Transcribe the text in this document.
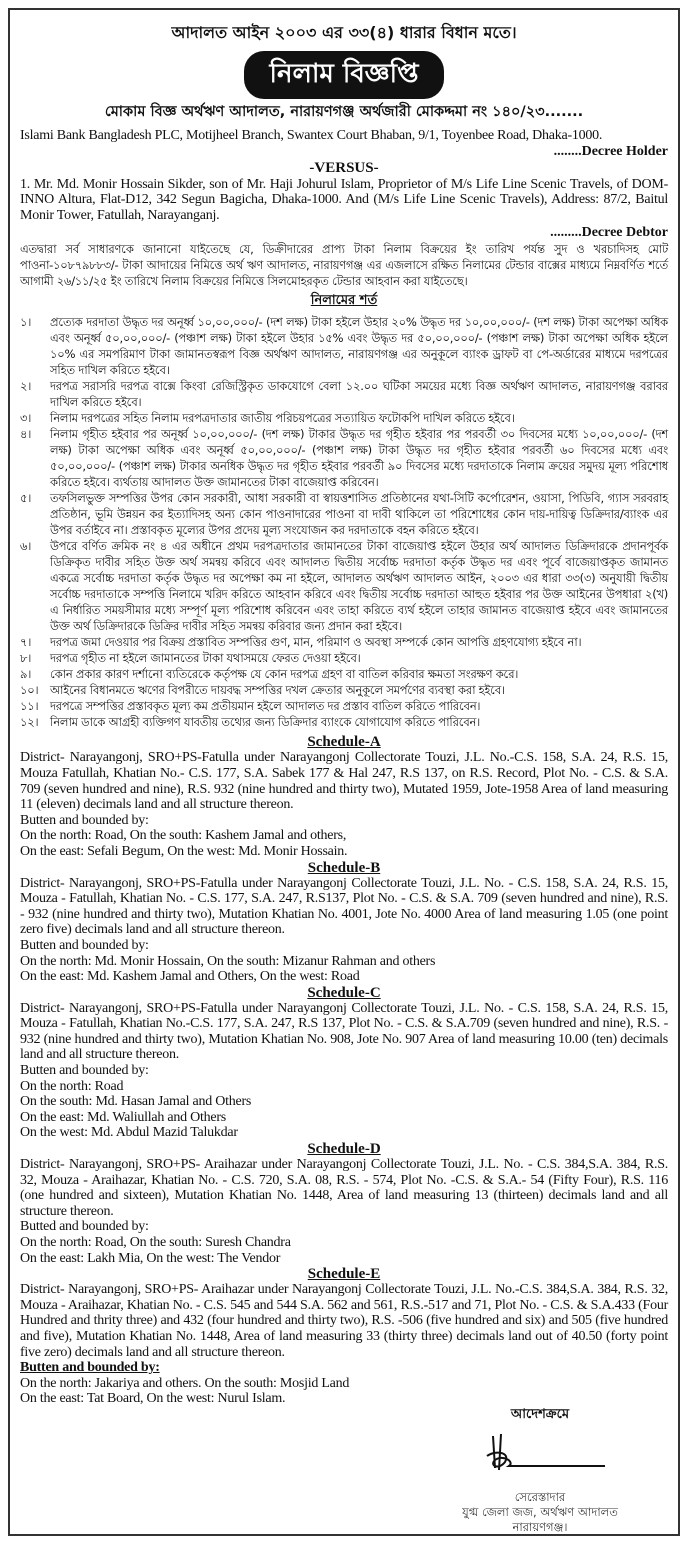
আদালত আইন ২০০৩ এর ৩৩(৪) ধারার বিধান মতে।
নিলাম বিজ্ঞপ্তি
মোকাম বিজ্ঞ অর্থঋণ আদালত, নারায়ণগঞ্জ অর্থজারী মোকদ্দমা নং ১৪০/২৩.......
Islami Bank Bangladesh PLC, Motijheel Branch, Swantex Court Bhaban, 9/1, Toyenbee Road, Dhaka-1000.
........Decree Holder
-VERSUS-
1. Mr. Md. Monir Hossain Sikder, son of Mr. Haji Johurul Islam, Proprietor of M/s Life Line Scenic Travels, of DOM-INNO Altura, Flat-D12, 342 Segun Bagicha, Dhaka-1000. And (M/s Life Line Scenic Travels), Address: 87/2, Baitul Monir Tower, Fatullah, Narayanganj.
.........Decree Debtor
এতদ্বারা সর্ব সাধারণকে জানানো যাইতেছে যে, ডিক্রীদারের প্রাপ্য টাকা নিলাম বিক্রয়ের ইং তারিখ পর্যন্ত সুদ ও খরচাদিসহ মোট পাওনা-১০৮৭৯৮৮৩/- টাকা আদায়ের নিমিত্তে অর্থ ঋণ আদালত, নারায়ণগঞ্জ এর এজলাসে রক্ষিত নিলামের টেন্ডার বাক্সের মাধ্যমে নিম্নবর্ণিত শর্তে আগামী ২৬/১১/২৫ ইং তারিখে নিলাম বিক্রয়ের নিমিত্তে সিলমোহরকৃত টেন্ডার আহবান করা যাইতেছে।
নিলামের শর্ত
১।	প্রত্যেক দরদাতা উদ্ধৃত দর অনূর্ধ্ব ১০,০০,০০০/- (দশ লক্ষ) টাকা হইলে উহার ২০% উদ্ধৃত দর ১০,০০,০০০/- (দশ লক্ষ) টাকা অপেক্ষা অধিক এবং অনূর্ধ্ব ৫০,০০,০০০/- (পঞ্চাশ লক্ষ) টাকা হইলে উহার ১৫% এবং উদ্ধৃত দর ৫০,০০,০০০/- (পঞ্চাশ লক্ষ) টাকা অপেক্ষা অধিক হইলে ১০% এর সমপরিমাণ টাকা জামানতস্বরূপ বিজ্ঞ অর্থঋণ আদালত, নারায়ণগঞ্জ এর অনুকূলে ব্যাংক ড্রাফট বা পে-অর্ডারের মাধ্যমে দরপত্রের সহিত দাখিল করিতে হইবে।
২।	দরপত্র সরাসরি দরপত্র বাক্সে কিংবা রেজিস্ট্রিকৃত ডাকযোগে বেলা ১২.০০ ঘটিকা সময়ের মধ্যে বিজ্ঞ অর্থঋণ আদালত, নারায়ণগঞ্জ বরাবর দাখিল করিতে হইবে।
৩।	নিলাম দরপত্রের সহিত নিলাম দরপত্রদাতার জাতীয় পরিচয়পত্রের সত্যায়িত ফটোকপি দাখিল করিতে হইবে।
৪।	নিলাম গৃহীত হইবার পর অনূর্ধ্ব ১০,০০,০০০/- (দশ লক্ষ) টাকার উদ্ধৃত দর গৃহীত হইবার পর পরবর্তী ৩০ দিবসের মধ্যে ১০,০০,০০০/- (দশ লক্ষ) টাকা অপেক্ষা অধিক এবং অনূর্ধ্ব ৫০,০০,০০০/- (পঞ্চাশ লক্ষ) টাকা উদ্ধৃত দর গৃহীত হইবার পরবর্তী ৬০ দিবসের মধ্যে এবং ৫০,০০,০০০/- (পঞ্চাশ লক্ষ) টাকার অনধিক উদ্ধৃত দর গৃহীত হইবার পরবর্তী ৯০ দিবসের মধ্যে দরদাতাকে নিলাম ক্রয়ের সমুদয় মূল্য পরিশোধ করিতে হইবে। ব্যর্থতায় আদালত উক্ত জামানতের টাকা বাজেয়াপ্ত করিবেন।
৫।	তফসিলভুক্ত সম্পত্তির উপর কোন সরকারী, আধা সরকারী বা স্বায়ত্তশাসিত প্রতিষ্ঠানের যথা-সিটি কর্পোরেশন, ওয়াসা, পিডিবি, গ্যাস সরবরাহ প্রতিষ্ঠান, ভূমি উন্নয়ন কর ইত্যাদিসহ অন্য কোন পাওনাদারের পাওনা বা দাবী থাকিলে তা পরিশোধের কোন দায়-দায়িত্ব ডিক্রিদার/ব্যাংক এর উপর বর্তাইবে না। প্রস্তাবকৃত মূল্যের উপর প্রদেয় মূল্য সংযোজন কর দরদাতাকে বহন করিতে হইবে।
৬।	উপরে বর্ণিত ক্রমিক নং ৪ এর অধীনে প্রথম দরপত্রদাতার জামানতের টাকা বাজেয়াপ্ত হইলে উহার অর্থ আদালত ডিক্রিদারকে প্রদানপূর্বক ডিক্রিকৃত দাবীর সহিত উক্ত অর্থ সমন্বয় করিবে এবং আদালত দ্বিতীয় সর্বোচ্চ দরদাতা কর্তৃক উদ্ধৃত দর এবং পূর্বে বাজেয়াপ্তকৃত জামানত একত্রে সর্বোচ্চ দরদাতা কর্তৃক উদ্ধৃত দর অপেক্ষা কম না হইলে, আদালত অর্থঋণ আদালত আইন, ২০০৩ এর ধারা ৩৩(৩) অনুযায়ী দ্বিতীয় সর্বোচ্চ দরদাতাকে সম্পত্তি নিলামে খরিদ করিতে আহবান করিবে এবং দ্বিতীয় সর্বোচ্চ দরদাতা আহুত হইবার পর উক্ত আইনের উপধারা ২(খ) এ নির্ধারিত সময়সীমার মধ্যে সম্পূর্ণ মূল্য পরিশোধ করিবেন এবং তাহা করিতে ব্যর্থ হইলে তাহার জামানত বাজেয়াপ্ত হইবে এবং জামানতের উক্ত অর্থ ডিক্রিদারকে ডিক্রির দাবীর সহিত সমন্বয় করিবার জন্য প্রদান করা হইবে।
৭।	দরপত্র জমা দেওয়ার পর বিক্রয় প্রস্তাবিত সম্পত্তির গুণ, মান, পরিমাণ ও অবস্থা সম্পর্কে কোন আপত্তি গ্রহণযোগ্য হইবে না।
৮।	দরপত্র গৃহীত না হইলে জামানতের টাকা যথাসময়ে ফেরত দেওয়া হইবে।
৯।	কোন প্রকার কারণ দর্শানো ব্যতিরেকে কর্তৃপক্ষ যে কোন দরপত্র গ্রহণ বা বাতিল করিবার ক্ষমতা সংরক্ষণ করে।
১০।	আইনের বিধানমতে ঋণের বিপরীতে দায়বদ্ধ সম্পত্তির দখল ক্রেতার অনুকূলে সমর্পণের ব্যবস্থা করা হইবে।
১১।	দরপত্রে সম্পত্তির প্রস্তাবকৃত মূল্য কম প্রতীয়মান হইলে আদালত দর প্রস্তাব বাতিল করিতে পারিবেন।
১২।	নিলাম ডাকে আগ্রহী ব্যক্তিগণ যাবতীয় তথ্যের জন্য ডিক্রিদার ব্যাংকে যোগাযোগ করিতে পারিবেন।
Schedule-A
District- Narayangonj, SRO+PS-Fatulla under Narayangonj Collectorate Touzi, J.L. No.-C.S. 158, S.A. 24, R.S. 15, Mouza Fatullah, Khatian No.- C.S. 177, S.A. Sabek 177 & Hal 247, R.S 137, on R.S. Record, Plot No. - C.S. & S.A. 709 (seven hundred and nine), R.S. 932 (nine hundred and thirty two), Mutated 1959, Jote-1958 Area of land measuring 11 (eleven) decimals land and all structure thereon.
Butten and bounded by:
On the north: Road, On the south: Kashem Jamal and others,
On the east: Sefali Begum, On the west: Md. Monir Hossain.
Schedule-B
District- Narayangonj, SRO+PS-Fatulla under Narayangonj Collectorate Touzi, J.L. No. - C.S. 158, S.A. 24, R.S. 15, Mouza - Fatullah, Khatian No. - C.S. 177, S.A. 247, R.S137, Plot No. - C.S. & S.A. 709 (seven hundred and nine), R.S. - 932 (nine hundred and thirty two), Mutation Khatian No. 4001, Jote No. 4000 Area of land measuring 1.05 (one point zero five) decimals land and all structure thereon.
Butten and bounded by:
On the north: Md. Monir Hossain, On the south: Mizanur Rahman and others
On the east: Md. Kashem Jamal and Others, On the west: Road
Schedule-C
District- Narayangonj, SRO+PS-Fatulla under Narayangonj Collectorate Touzi, J.L. No. - C.S. 158, S.A. 24, R.S. 15, Mouza - Fatullah, Khatian No.-C.S. 177, S.A. 247, R.S 137, Plot No. - C.S. & S.A.709 (seven hundred and nine), R.S. - 932 (nine hundred and thirty two), Mutation Khatian No. 908, Jote No. 907 Area of land measuring 10.00 (ten) decimals land and all structure thereon.
Butten and bounded by:
On the north: Road
On the south: Md. Hasan Jamal and Others
On the east: Md. Waliullah and Others
On the west: Md. Abdul Mazid Talukdar
Schedule-D
District- Narayangonj, SRO+PS- Araihazar under Narayangonj Collectorate Touzi, J.L. No. - C.S. 384,S.A. 384, R.S. 32, Mouza - Araihazar, Khatian No. - C.S. 720, S.A. 08, R.S. - 574, Plot No. -C.S. & S.A.- 54 (Fifty Four), R.S. 116 (one hundred and sixteen), Mutation Khatian No. 1448, Area of land measuring 13 (thirteen) decimals land and all structure thereon.
Butted and bounded by:
On the north: Road, On the south: Suresh Chandra
On the east: Lakh Mia, On the west: The Vendor
Schedule-E
District- Narayangonj, SRO+PS- Araihazar under Narayangonj Collectorate Touzi, J.L. No.-C.S. 384,S.A. 384, R.S. 32, Mouza - Araihazar, Khatian No. - C.S. 545 and 544 S.A. 562 and 561, R.S.-517 and 71, Plot No. - C.S. & S.A.433 (Four Hundred and thrity three) and 432 (four hundred and thirty two), R.S. -506 (five hundred and six) and 505 (five hundred and five), Mutation Khatian No. 1448, Area of land measuring 33 (thirty three) decimals land out of 40.50 (forty point five zero) decimals land and all structure thereon.
Butten and bounded by:
On the north: Jakariya and others. On the south: Mosjid Land
On the east: Tat Board, On the west: Nurul Islam.
আদেশক্রমে
সেরেস্তাদার
যুগ্ম জেলা জজ, অর্থঋণ আদালত
নারায়ণগঞ্জ।
